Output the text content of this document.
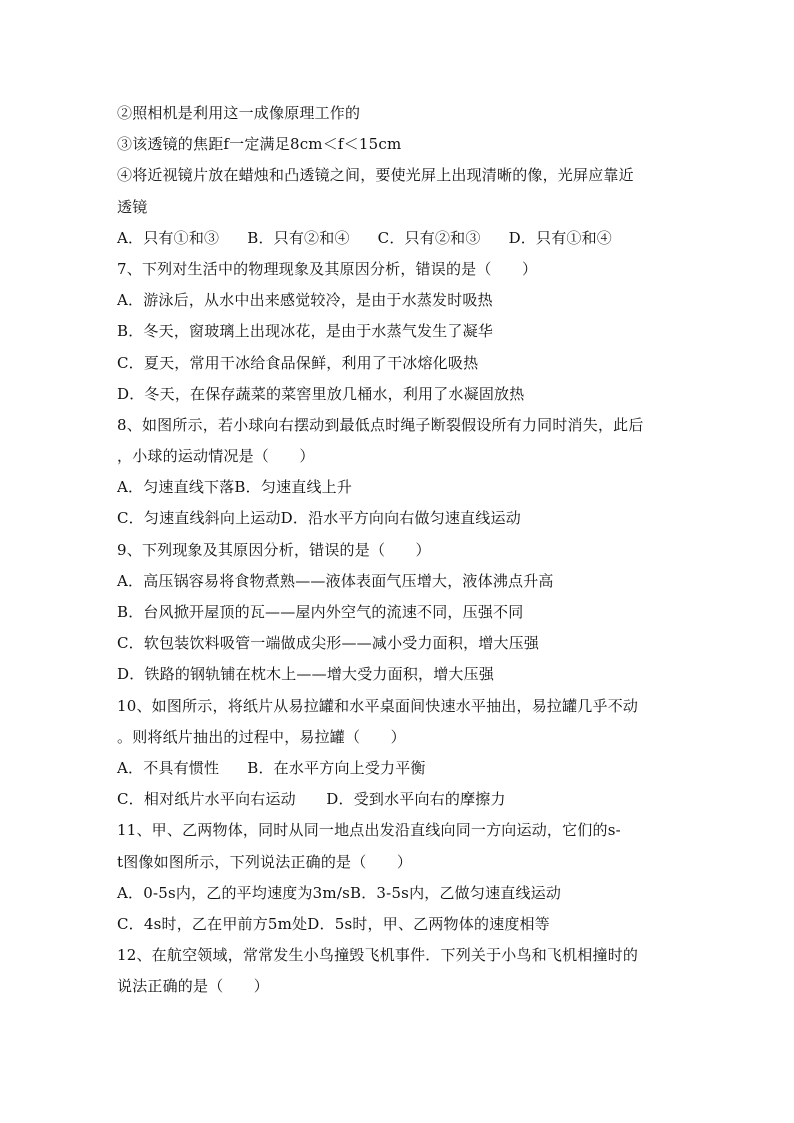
②照相机是利用这一成像原理工作的
③该透镜的焦距f一定满足8cm＜f＜15cm
④将近视镜片放在蜡烛和凸透镜之间，要使光屏上出现清晰的像，光屏应靠近
透镜
A．只有①和③ B．只有②和④ C．只有②和③ D．只有①和④
7、下列对生活中的物理现象及其原因分析，错误的是（　　）
A．游泳后，从水中出来感觉较冷，是由于水蒸发时吸热
B．冬天，窗玻璃上出现冰花，是由于水蒸气发生了凝华
C．夏天，常用干冰给食品保鲜，利用了干冰熔化吸热
D．冬天，在保存蔬菜的菜窖里放几桶水，利用了水凝固放热
8、如图所示，若小球向右摆动到最低点时绳子断裂假设所有力同时消失，此后
，小球的运动情况是（　　）
A．匀速直线下落B．匀速直线上升
C．匀速直线斜向上运动D．沿水平方向向右做匀速直线运动
9、下列现象及其原因分析，错误的是（　　）
A．高压锅容易将食物煮熟——液体表面气压增大，液体沸点升高
B．台风掀开屋顶的瓦——屋内外空气的流速不同，压强不同
C．软包装饮料吸管一端做成尖形——减小受力面积，增大压强
D．铁路的钢轨铺在枕木上——增大受力面积，增大压强
10、如图所示，将纸片从易拉罐和水平桌面间快速水平抽出，易拉罐几乎不动
。则将纸片抽出的过程中，易拉罐（　　）
A．不具有惯性 B．在水平方向上受力平衡
C．相对纸片水平向右运动　　D．受到水平向右的摩擦力
11、甲、乙两物体，同时从同一地点出发沿直线向同一方向运动，它们的s-
t图像如图所示，下列说法正确的是（　　）
A．0-5s内，乙的平均速度为3m/sB．3-5s内，乙做匀速直线运动
C．4s时，乙在甲前方5m处D．5s时，甲、乙两物体的速度相等
12、在航空领域，常常发生小鸟撞毁飞机事件．下列关于小鸟和飞机相撞时的
说法正确的是（　　）
